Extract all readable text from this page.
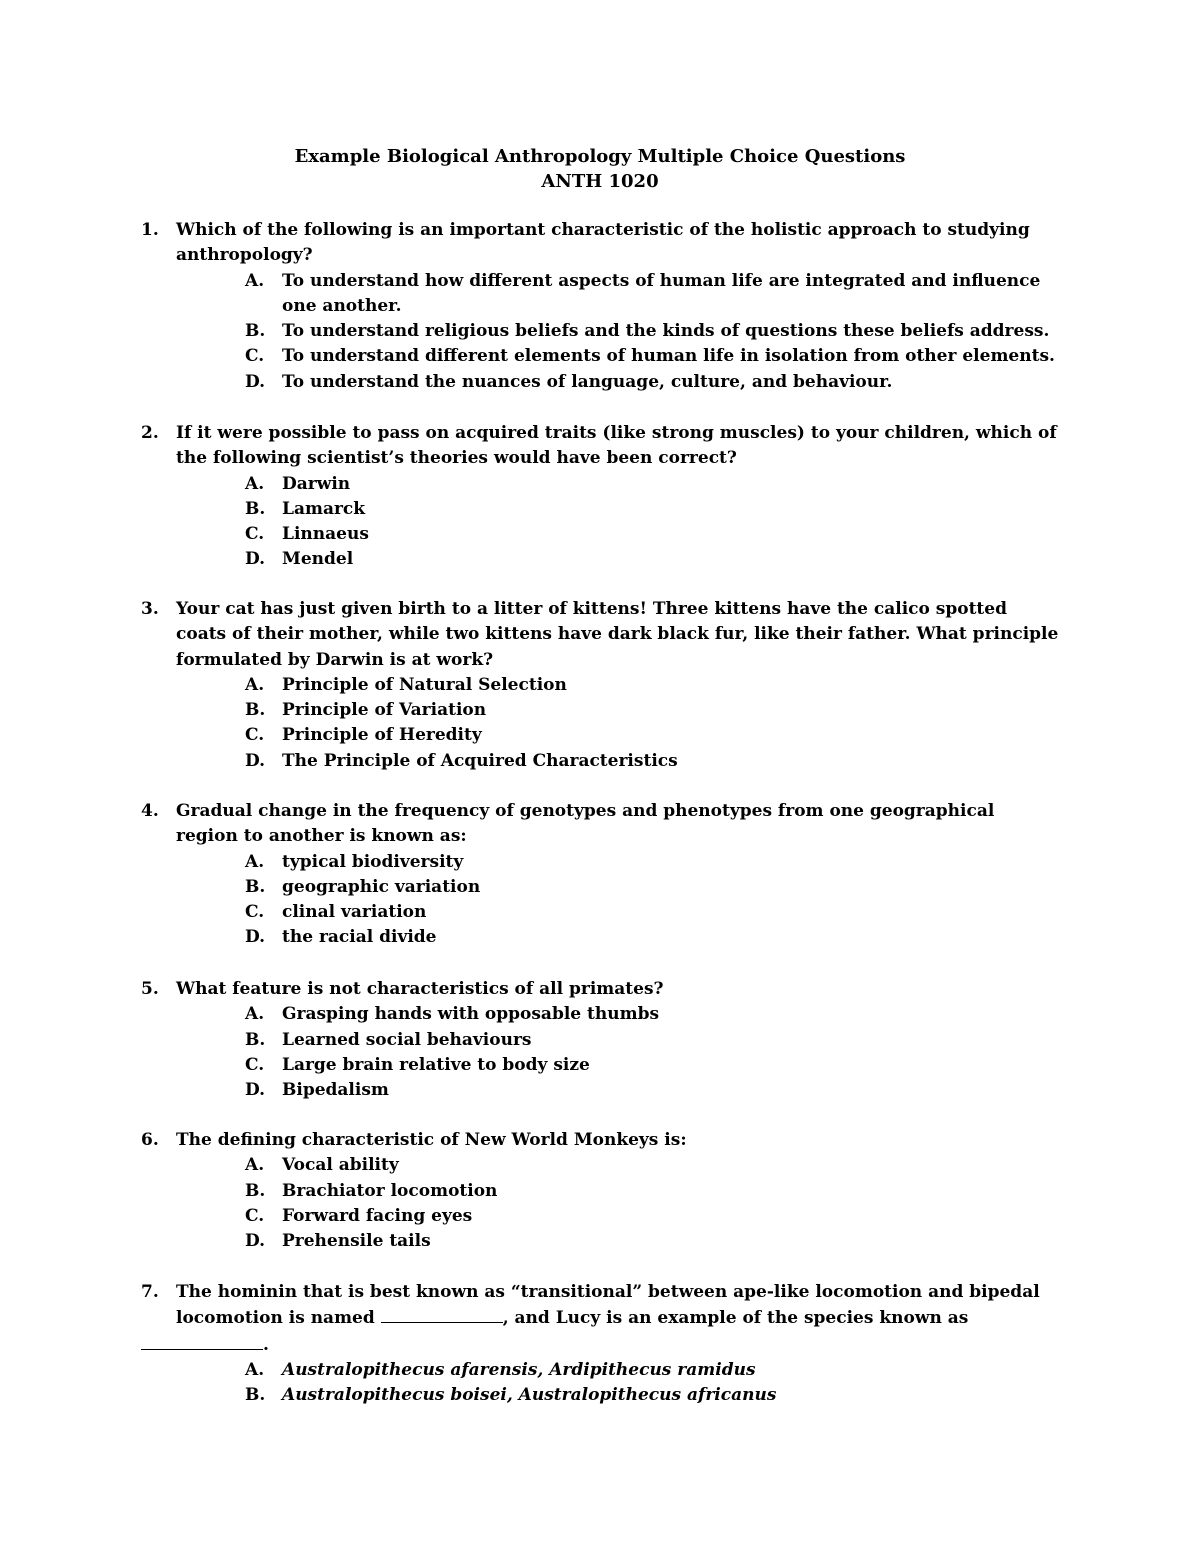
Example Biological Anthropology Multiple Choice Questions
ANTH 1020
1.	Which of the following is an important characteristic of the holistic approach to studying anthropology?
A. To understand how different aspects of human life are integrated and influence one another.
B. To understand religious beliefs and the kinds of questions these beliefs address.
C. To understand different elements of human life in isolation from other elements.
D. To understand the nuances of language, culture, and behaviour.
2.	If it were possible to pass on acquired traits (like strong muscles) to your children, which of the following scientist’s theories would have been correct?
A. Darwin
B. Lamarck
C. Linnaeus
D. Mendel
3.	Your cat has just given birth to a litter of kittens! Three kittens have the calico spotted coats of their mother, while two kittens have dark black fur, like their father. What principle formulated by Darwin is at work?
A. Principle of Natural Selection
B. Principle of Variation
C. Principle of Heredity
D. The Principle of Acquired Characteristics
4.	Gradual change in the frequency of genotypes and phenotypes from one geographical region to another is known as:
A. typical biodiversity
B. geographic variation
C. clinal variation
D. the racial divide
5.	What feature is not characteristics of all primates?
A. Grasping hands with opposable thumbs
B. Learned social behaviours
C. Large brain relative to body size
D. Bipedalism
6.	The defining characteristic of New World Monkeys is:
A. Vocal ability
B. Brachiator locomotion
C. Forward facing eyes
D. Prehensile tails
7.	The hominin that is best known as “transitional” between ape-like locomotion and bipedal locomotion is named	, and Lucy is an example of the species known as
.
A. Australopithecus afarensis, Ardipithecus ramidus
B. Australopithecus boisei, Australopithecus africanus
